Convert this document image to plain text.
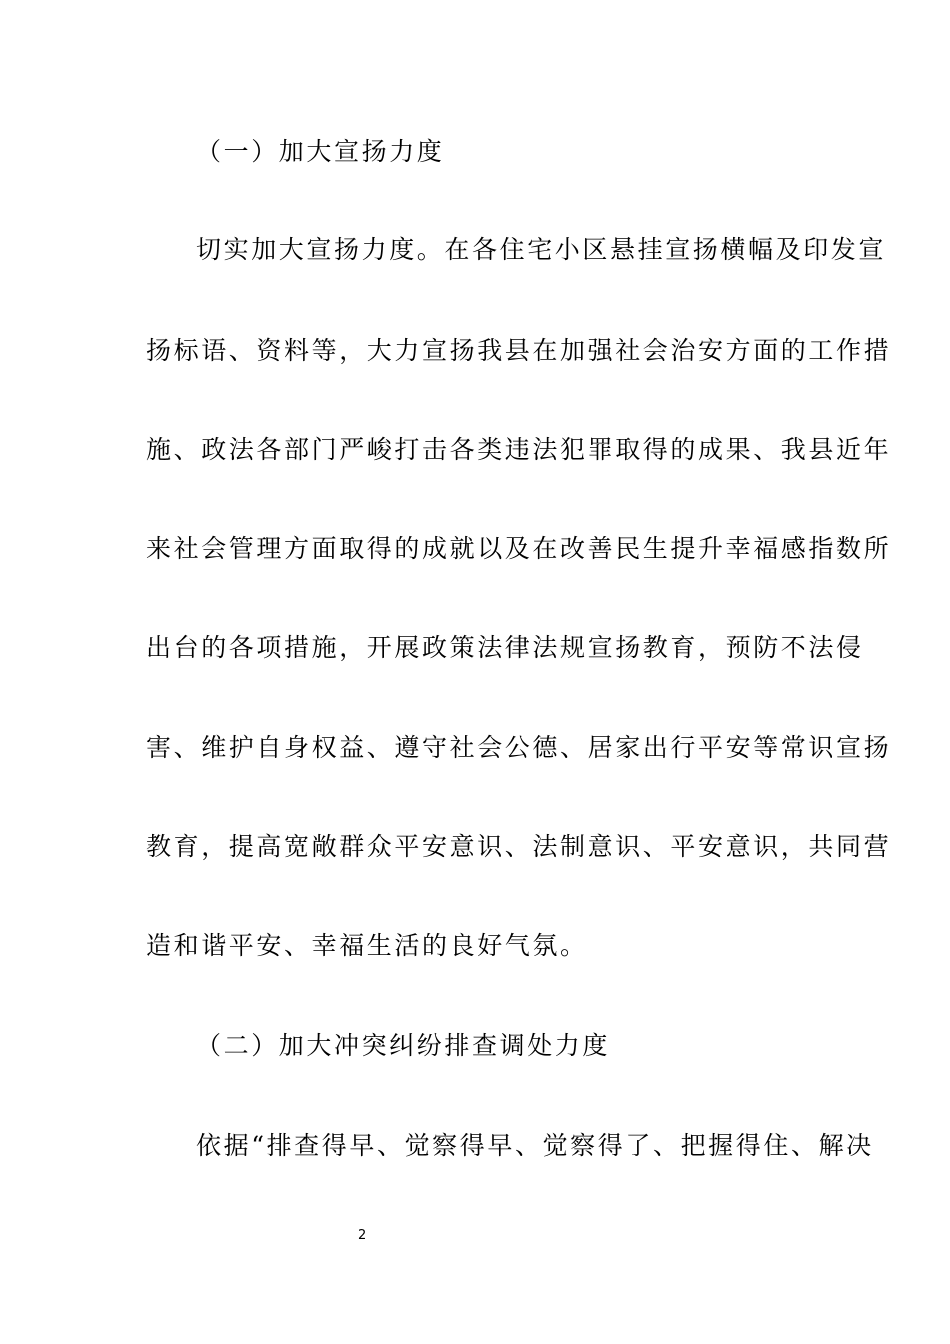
（一）加大宣扬力度
切实加大宣扬力度。在各住宅小区悬挂宣扬横幅及印发宣
扬标语、资料等，大力宣扬我县在加强社会治安方面的工作措
施、政法各部门严峻打击各类违法犯罪取得的成果、我县近年
来社会管理方面取得的成就以及在改善民生提升幸福感指数所
出台的各项措施，开展政策法律法规宣扬教育，预防不法侵
害、维护自身权益、遵守社会公德、居家出行平安等常识宣扬
教育，提高宽敞群众平安意识、法制意识、平安意识，共同营
造和谐平安、幸福生活的良好气氛。
（二）加大冲突纠纷排查调处力度
依据“排查得早、觉察得早、觉察得了、把握得住、解决
2
